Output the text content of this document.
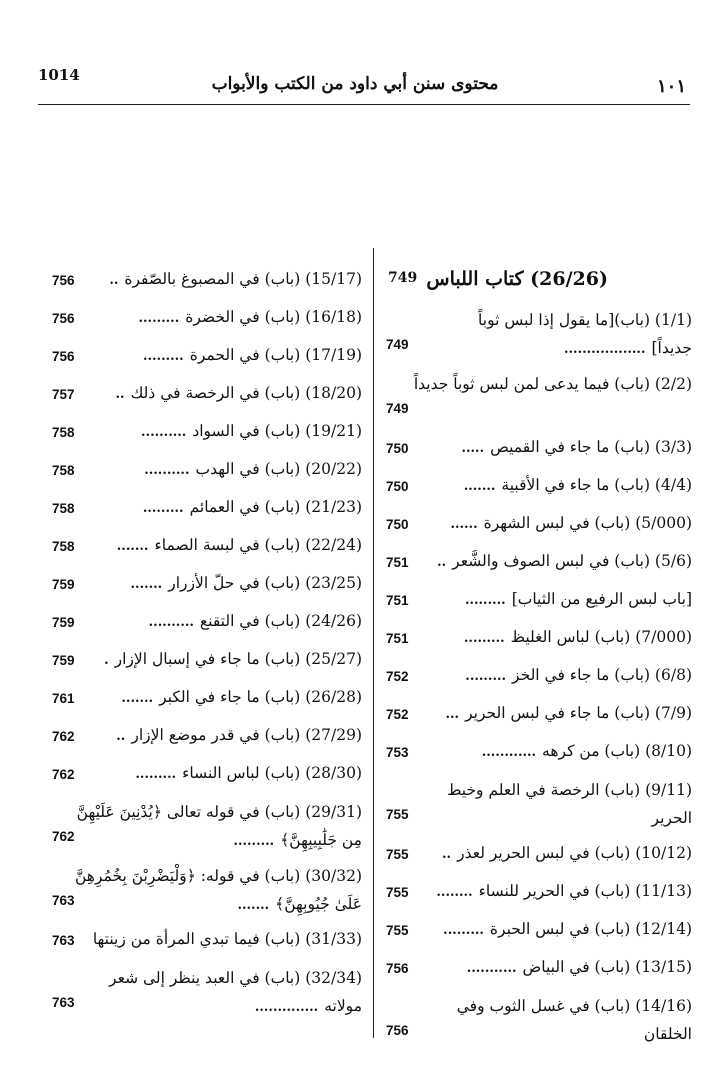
1014	محتوى سنن أبي داود من الكتب والأبواب	١٠١
(26/26) كتاب اللباس
749
(1/1) (باب)[ما يقول إذا لبس ثوباً جديداً]..................
749
(2/2) (باب) فيما يدعى لمن لبس ثوباً جديداً
749
(3/3) (باب) ما جاء في القميص.....
750
(4/4) (باب) ما جاء في الأقبية.......
750
(5/000) (باب) في لبس الشهرة......
750
(5/6) (باب) في لبس الصوف والشَّعر..
751
[باب لبس الرفيع من الثياب].........
751
(7/000) (باب) لباس الغليظ.........
751
(6/8) (باب) ما جاء في الخز.........
752
(7/9) (باب) ما جاء في لبس الحرير...
752
(8/10) (باب) من كرهه............
753
(9/11) (باب) الرخصة في العلم وخيط الحرير
755
(10/12) (باب) في لبس الحرير لعذر..
755
(11/13) (باب) في الحرير للنساء........
755
(12/14) (باب) في لبس الحبرة.........
755
(13/15) (باب) في البياض...........
756
(14/16) (باب) في غسل الثوب وفي الخلقان
756
(15/17) (باب) في المصبوغ بالصّفرة..
756
(16/18) (باب) في الخضرة.........
756
(17/19) (باب) في الحمرة.........
756
(18/20) (باب) في الرخصة في ذلك..
757
(19/21) (باب) في السواد..........
758
(20/22) (باب) في الهدب..........
758
(21/23) (باب) في العمائم.........
758
(22/24) (باب) في لبسة الصماء.......
758
(23/25) (باب) في حلّ الأزرار.......
759
(24/26) (باب) في التقنع..........
759
(25/27) (باب) ما جاء في إسبال الإزار.
759
(26/28) (باب) ما جاء في الكبر.......
761
(27/29) (باب) في قدر موضع الإزار..
762
(28/30) (باب) لباس النساء.........
762
(29/31) (باب) في قوله تعالى ﴿يُدْنِينَ عَلَيْهِنَّ مِن جَلَٰبِيبِهِنَّ﴾.........
762
(30/32) (باب) في قوله: ﴿وَلْيَضْرِبْنَ بِخُمُرِهِنَّ عَلَىٰ جُيُوبِهِنَّ﴾.......
763
(31/33) (باب) فيما تبدي المرأة من زينتها
763
(32/34) (باب) في العبد ينظر إلى شعر مولاته..............
763
